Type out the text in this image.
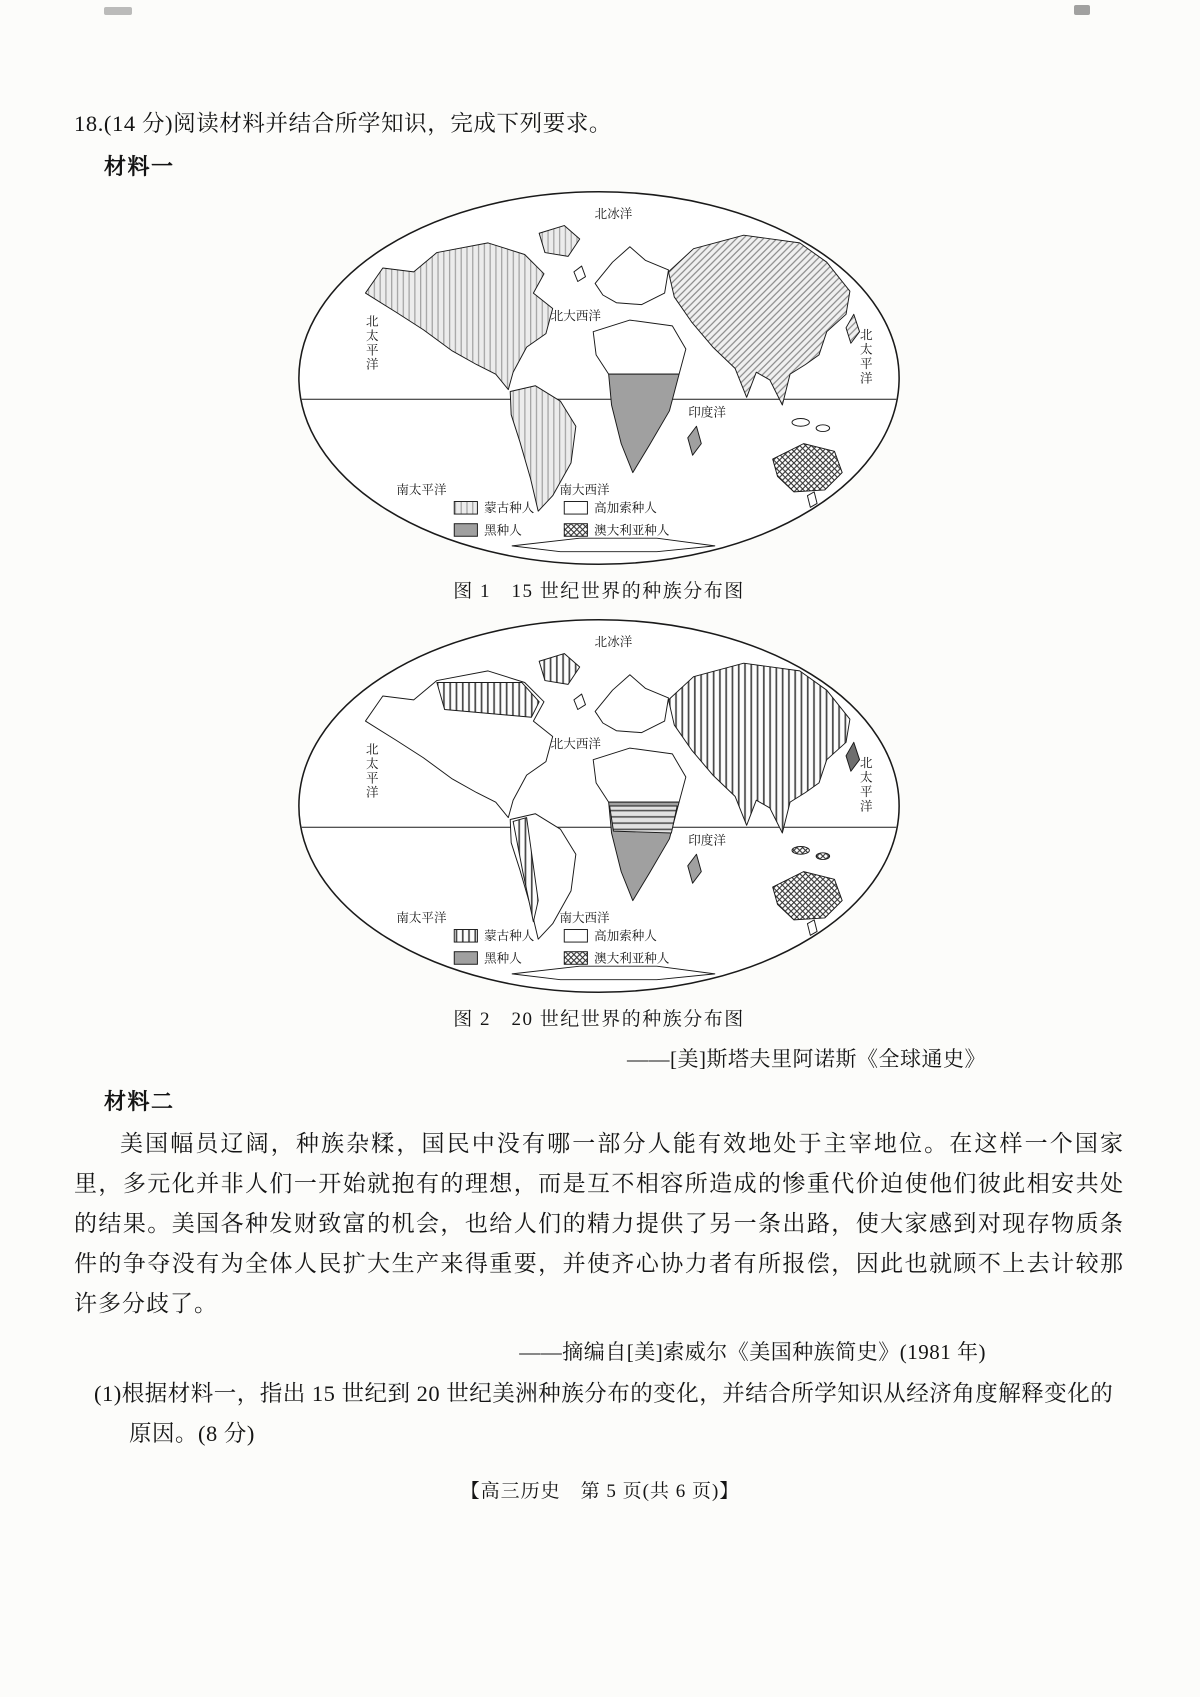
18.(14 分)阅读材料并结合所学知识，完成下列要求。

材料一

北冰洋
北太平洋	北大西洋
北太平洋
印度洋
南太平洋	南大西洋
蒙古种人	高加索种人
黑种人	澳大利亚种人
图 1　15 世纪世界的种族分布图
北冰洋
北太平洋	北大西洋
北太平洋
印度洋
南太平洋	南大西洋
蒙古种人	高加索种人
黑种人	澳大利亚种人
图 2　20 世纪世界的种族分布图

——[美]斯塔夫里阿诺斯《全球通史》

材料二

美国幅员辽阔，种族杂糅，国民中没有哪一部分人能有效地处于主宰地位。在这样一个国家里，多元化并非人们一开始就抱有的理想，而是互不相容所造成的惨重代价迫使他们彼此相安共处的结果。美国各种发财致富的机会，也给人们的精力提供了另一条出路，使大家感到对现存物质条件的争夺没有为全体人民扩大生产来得重要，并使齐心协力者有所报偿，因此也就顾不上去计较那许多分歧了。

——摘编自[美]索威尔《美国种族简史》(1981 年)

(1)根据材料一，指出 15 世纪到 20 世纪美洲种族分布的变化，并结合所学知识从经济角度解释变化的原因。(8 分)

【高三历史　第 5 页(共 6 页)】
